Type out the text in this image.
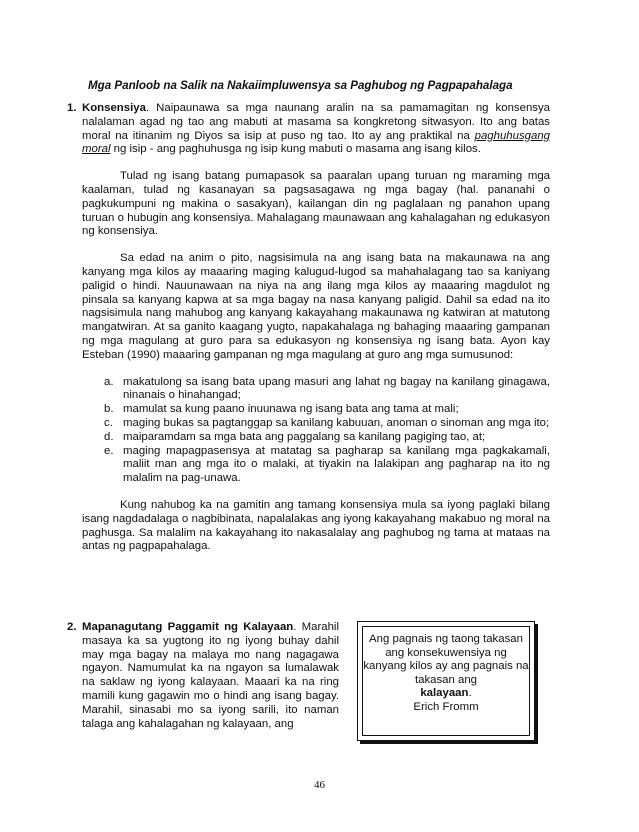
Mga Panloob na Salik na Nakaiimpluwensya sa Paghubog ng Pagpapahalaga
1. Konsensiya. Naipaunawa sa mga naunang aralin na sa pamamagitan ng konsensya nalalaman agad ng tao ang mabuti at masama sa kongkretong sitwasyon. Ito ang batas moral na itinanim ng Diyos sa isip at puso ng tao. Ito ay ang praktikal na paghuhusgang moral ng isip - ang paghuhusga ng isip kung mabuti o masama ang isang kilos.

Tulad ng isang batang pumapasok sa paaralan upang turuan ng maraming mga kaalaman, tulad ng kasanayan sa pagsasagawa ng mga bagay (hal. pananahi o pagkukumpuni ng makina o sasakyan), kailangan din ng paglalaan ng panahon upang turuan o hubugin ang konsensiya. Mahalagang maunawaan ang kahalagahan ng edukasyon ng konsensiya.

Sa edad na anim o pito, nagsisimula na ang isang bata na makaunawa na ang kanyang mga kilos ay maaaring maging kalugud-lugod sa mahahalagang tao sa kaniyang paligid o hindi. Nauunawaan na niya na ang ilang mga kilos ay maaaring magdulot ng pinsala sa kanyang kapwa at sa mga bagay na nasa kanyang paligid. Dahil sa edad na ito nagsisimula nang mahubog ang kanyang kakayahang makaunawa ng katwiran at matutong mangatwiran. At sa ganito kaagang yugto, napakahalaga ng bahaging maaaring gampanan ng mga magulang at guro para sa edukasyon ng konsensiya ng isang bata. Ayon kay Esteban (1990) maaaring gampanan ng mga magulang at guro ang mga sumusunod:

a. makatulong sa isang bata upang masuri ang lahat ng bagay na kanilang ginagawa, ninanais o hinahangad;
b. mamulat sa kung paano inuunawa ng isang bata ang tama at mali;
c. maging bukas sa pagtanggap sa kanilang kabuuan, anoman o sinoman ang mga ito;
d. maiparamdam sa mga bata ang paggalang sa kanilang pagiging tao, at;
e. maging mapagpasensya at matatag sa pagharap sa kanilang mga pagkakamali, maliit man ang mga ito o malaki, at tiyakin na lalakipan ang pagharap na ito ng malalim na pag-unawa.

Kung nahubog ka na gamitin ang tamang konsensiya mula sa iyong paglaki bilang isang nagdadalaga o nagbibinata, napalalakas ang iyong kakayahang makabuo ng moral na paghusga. Sa malalim na kakayahang ito nakasalalay ang paghubog ng tama at mataas na antas ng pagpapahalaga.

2. Mapanagutang Paggamit ng Kalayaan. Marahil masaya ka sa yugtong ito ng iyong buhay dahil may mga bagay na malaya mo nang nagagawa ngayon. Namumulat ka na ngayon sa lumalawak na saklaw ng iyong kalayaan. Maaari ka na ring mamili kung gagawin mo o hindi ang isang bagay. Marahil, sinasabi mo sa iyong sarili, ito naman talaga ang kahalagahan ng kalayaan, ang
Ang pagnais ng taong takasan ang konsekuwensiya ng kanyang kilos ay ang pagnais na takasan ang
kalayaan.
Erich Fromm
46
